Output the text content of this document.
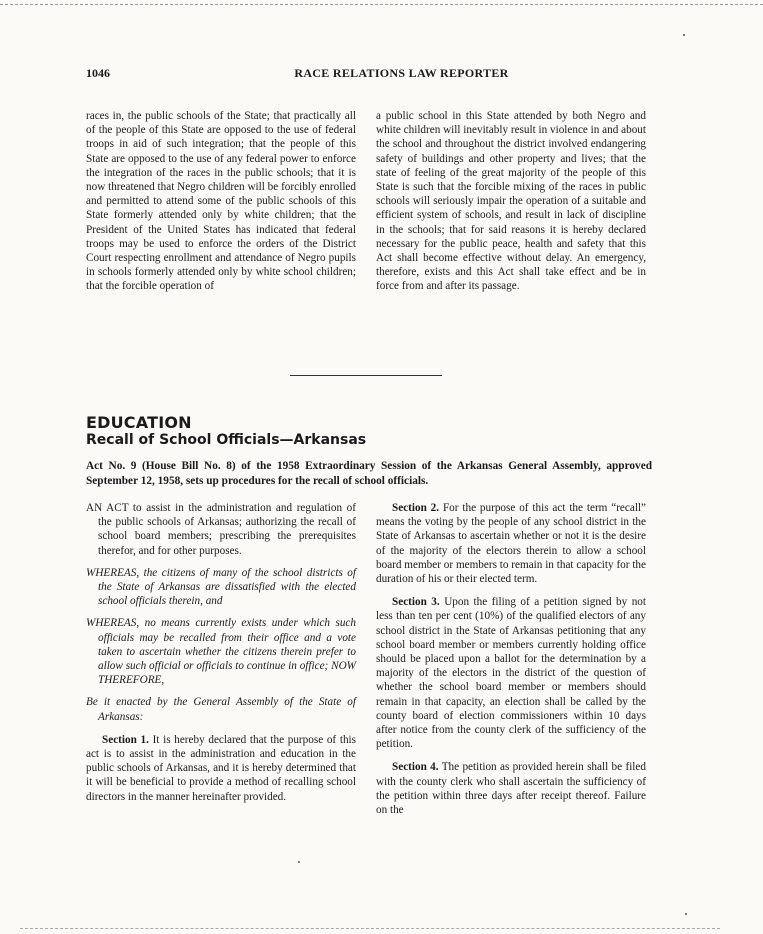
1046	RACE RELATIONS LAW REPORTER

races in, the public schools of the State; that practically all of the people of this State are opposed to the use of federal troops in aid of such integration; that the people of this State are opposed to the use of any federal power to enforce the integration of the races in the public schools; that it is now threatened that Negro children will be forcibly enrolled and permitted to attend some of the public schools of this State formerly attended only by white children; that the President of the United States has indicated that federal troops may be used to enforce the orders of the District Court respecting enrollment and attendance of Negro pupils in schools formerly attended only by white school children; that the forcible operation of

a public school in this State attended by both Negro and white children will inevitably result in violence in and about the school and throughout the district involved endangering safety of buildings and other property and lives; that the state of feeling of the great majority of the people of this State is such that the forcible mixing of the races in public schools will seriously impair the operation of a suitable and efficient system of schools, and result in lack of discipline in the schools; that for said reasons it is hereby declared necessary for the public peace, health and safety that this Act shall become effective without delay. An emergency, therefore, exists and this Act shall take effect and be in force from and after its passage.

EDUCATION
Recall of School Officials—Arkansas
Act No. 9 (House Bill No. 8) of the 1958 Extraordinary Session of the Arkansas General Assembly, approved September 12, 1958, sets up procedures for the recall of school officials.

AN ACT to assist in the administration and regulation of the public schools of Arkansas; authorizing the recall of school board members; prescribing the prerequisites therefor, and for other purposes.

WHEREAS, the citizens of many of the school districts of the State of Arkansas are dissatisfied with the elected school officials therein, and

WHEREAS, no means currently exists under which such officials may be recalled from their office and a vote taken to ascertain whether the citizens therein prefer to allow such official or officials to continue in office; NOW THEREFORE,

Be it enacted by the General Assembly of the State of Arkansas:

Section 1. It is hereby declared that the purpose of this act is to assist in the administration and education in the public schools of Arkansas, and it is hereby determined that it will be beneficial to provide a method of recalling school directors in the manner hereinafter provided.

Section 2. For the purpose of this act the term “recall” means the voting by the people of any school district in the State of Arkansas to ascertain whether or not it is the desire of the majority of the electors therein to allow a school board member or members to remain in that capacity for the duration of his or their elected term.

Section 3. Upon the filing of a petition signed by not less than ten per cent (10%) of the qualified electors of any school district in the State of Arkansas petitioning that any school board member or members currently holding office should be placed upon a ballot for the determination by a majority of the electors in the district of the question of whether the school board member or members should remain in that capacity, an election shall be called by the county board of election commissioners within 10 days after notice from the county clerk of the sufficiency of the petition.

Section 4. The petition as provided herein shall be filed with the county clerk who shall ascertain the sufficiency of the petition within three days after receipt thereof. Failure on the
